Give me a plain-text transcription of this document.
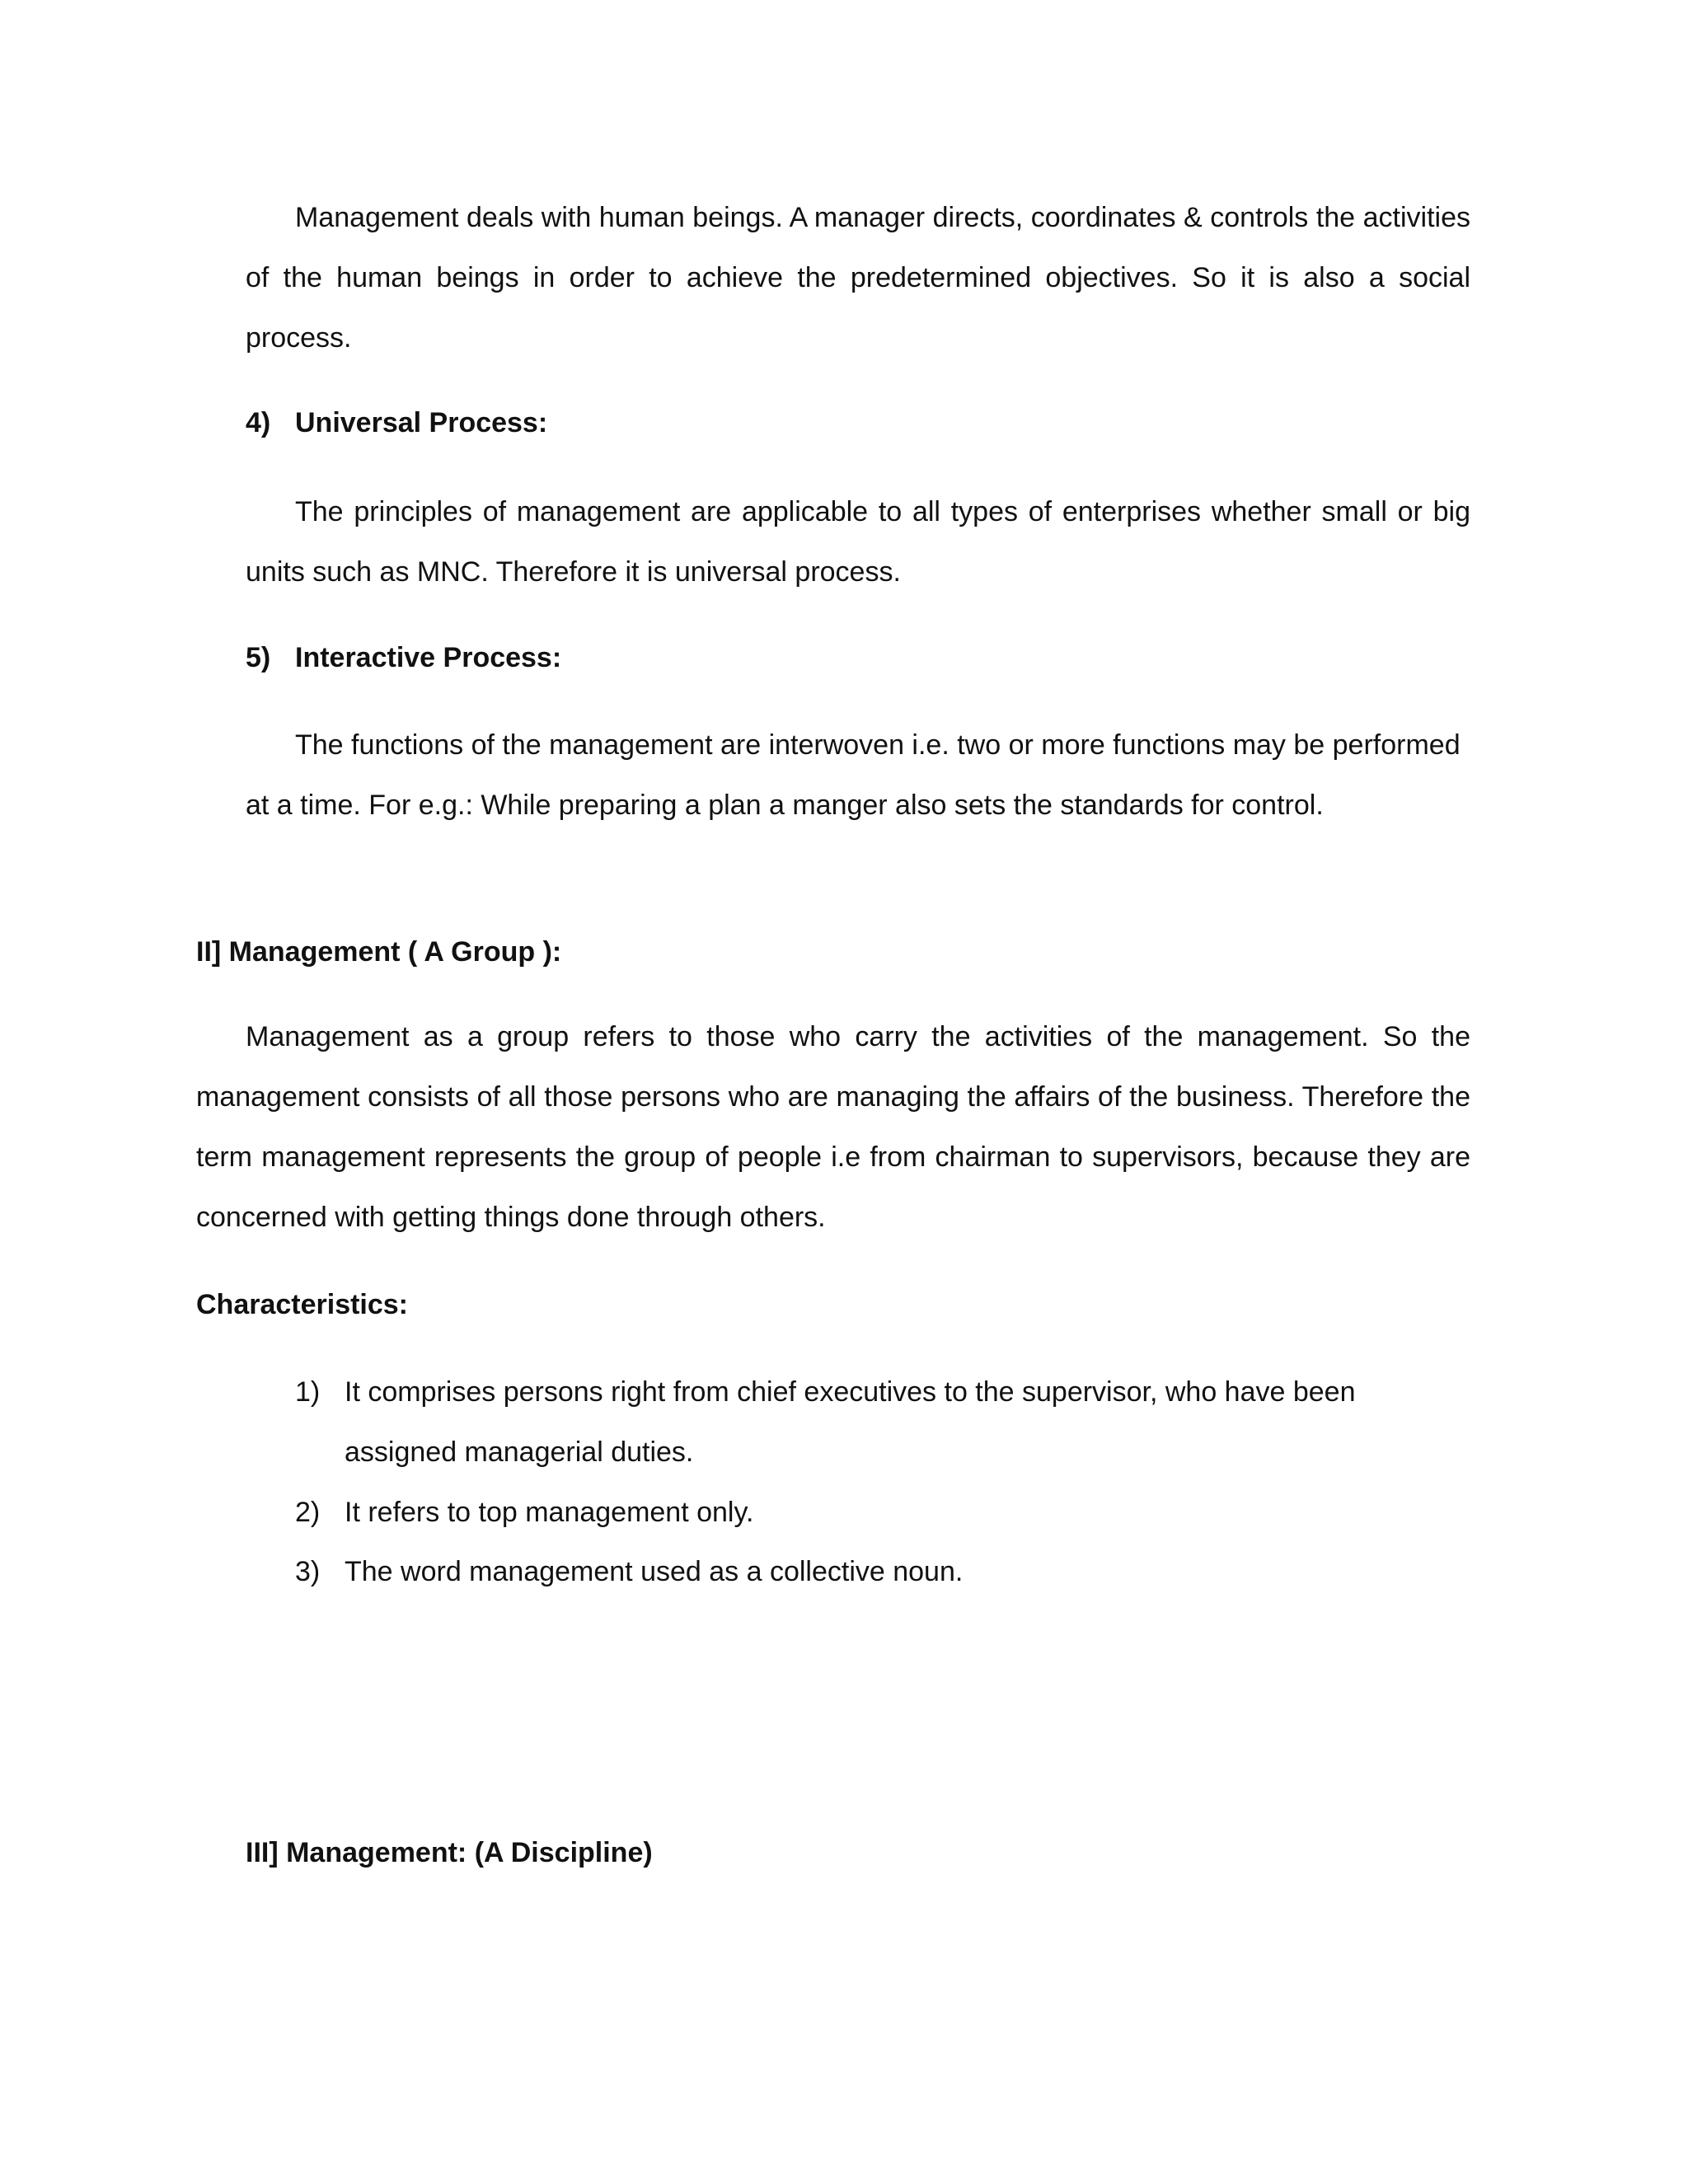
Management deals with human beings. A manager directs, coordinates & controls the activities of the human beings in order to achieve the predetermined objectives. So it is also a social process.

4) Universal Process:

The principles of management are applicable to all types of enterprises whether small or big units such as MNC. Therefore it is universal process.

5) Interactive Process:

The functions of the management are interwoven i.e. two or more functions may be performed at a time. For e.g.: While preparing a plan a manger also sets the standards for control.

II] Management ( A Group ):

Management as a group refers to those who carry the activities of the management. So the management consists of all those persons who are managing the affairs of the business. Therefore the term management represents the group of people i.e from chairman to supervisors, because they are concerned with getting things done through others.

Characteristics:

1) It comprises persons right from chief executives to the supervisor, who have been assigned managerial duties.
2) It refers to top management only.
3) The word management used as a collective noun.

III] Management: (A Discipline)
